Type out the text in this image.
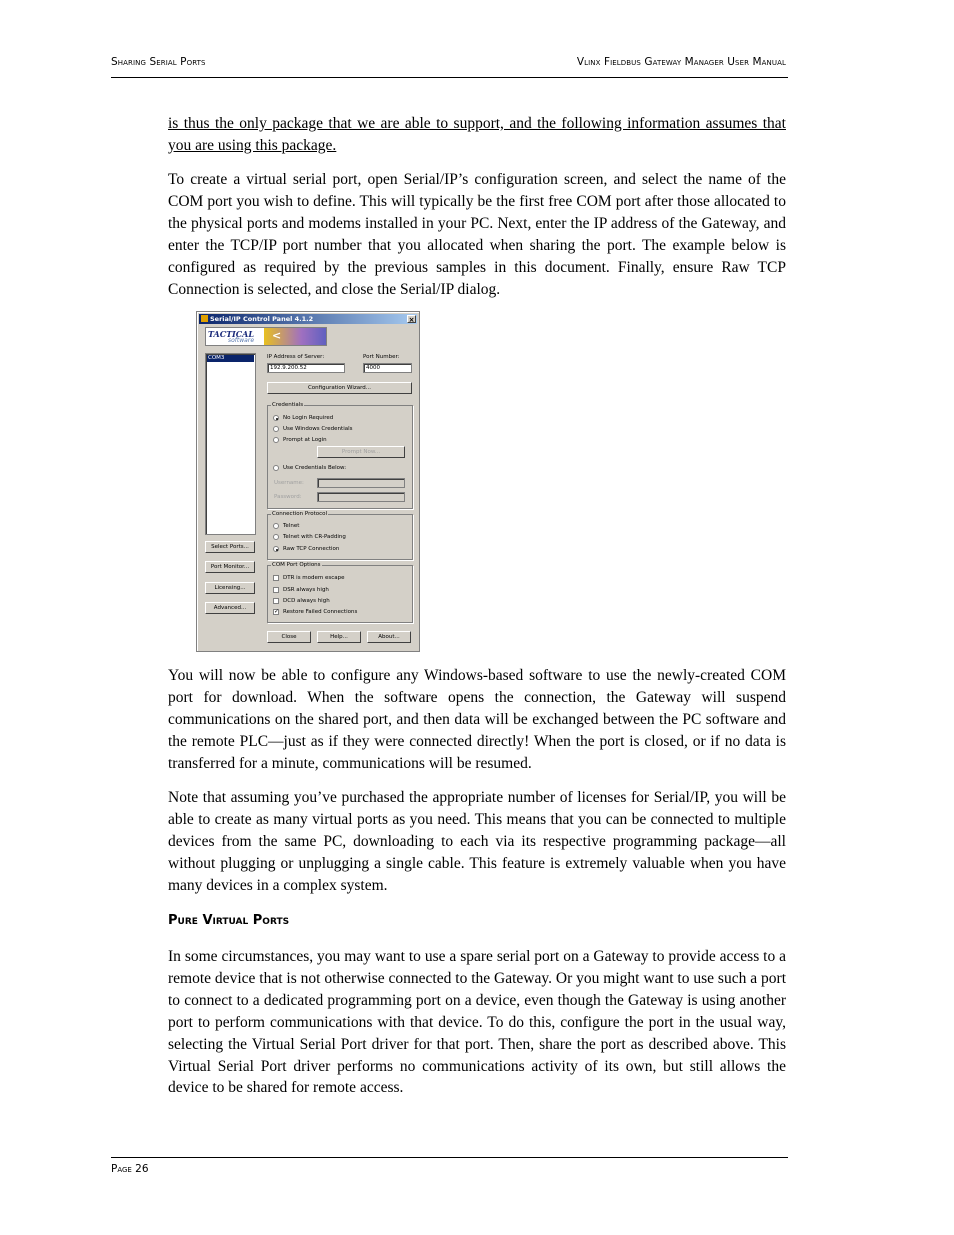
Sharing Serial Ports	Vlinx Fieldbus Gateway Manager User Manual

is thus the only package that we are able to support, and the following information assumes that you are using this package.

To create a virtual serial port, open Serial/IP’s configuration screen, and select the name of the COM port you wish to define. This will typically be the first free COM port after those allocated to the physical ports and modems installed in your PC. Next, enter the IP address of the Gateway, and enter the TCP/IP port number that you allocated when sharing the port. The example below is configured as required by the previous samples in this document. Finally, ensure Raw TCP Connection is selected, and close the Serial/IP dialog.

Serial/IP Control Panel 4.1.2	×
TACTICAL
software <
COM3	IP Address of Server:
192.9.200.52
Port Number:
4000
Configuration Wizard...
Credentials
No Login Required
Use Windows Credentials
Prompt at Login
Prompt Now...
Use Credentials Below:
Username:
Password:
Connection Protocol
Telnet
Telnet with CR-Padding
Raw TCP Connection
COM Port Options
DTR is modem escape
DSR always high
DCD always high
✓ Restore Failed Connections
Select Ports...
Port Monitor...
Licensing...
Advanced...
Close	Help...	About...

You will now be able to configure any Windows-based software to use the newly-created COM port for download. When the software opens the connection, the Gateway will suspend communications on the shared port, and then data will be exchanged between the PC software and the remote PLC—just as if they were connected directly! When the port is closed, or if no data is transferred for a minute, communications will be resumed.

Note that assuming you’ve purchased the appropriate number of licenses for Serial/IP, you will be able to create as many virtual ports as you need. This means that you can be connected to multiple devices from the same PC, downloading to each via its respective programming package—all without plugging or unplugging a single cable. This feature is extremely valuable when you have many devices in a complex system.

Pure Virtual Ports

In some circumstances, you may want to use a spare serial port on a Gateway to provide access to a remote device that is not otherwise connected to the Gateway. Or you might want to use such a port to connect to a dedicated programming port on a device, even though the Gateway is using another port to perform communications with that device. To do this, configure the port in the usual way, selecting the Virtual Serial Port driver for that port. Then, share the port as described above. This Virtual Serial Port driver performs no communications activity of its own, but still allows the device to be shared for remote access.

Page 26
